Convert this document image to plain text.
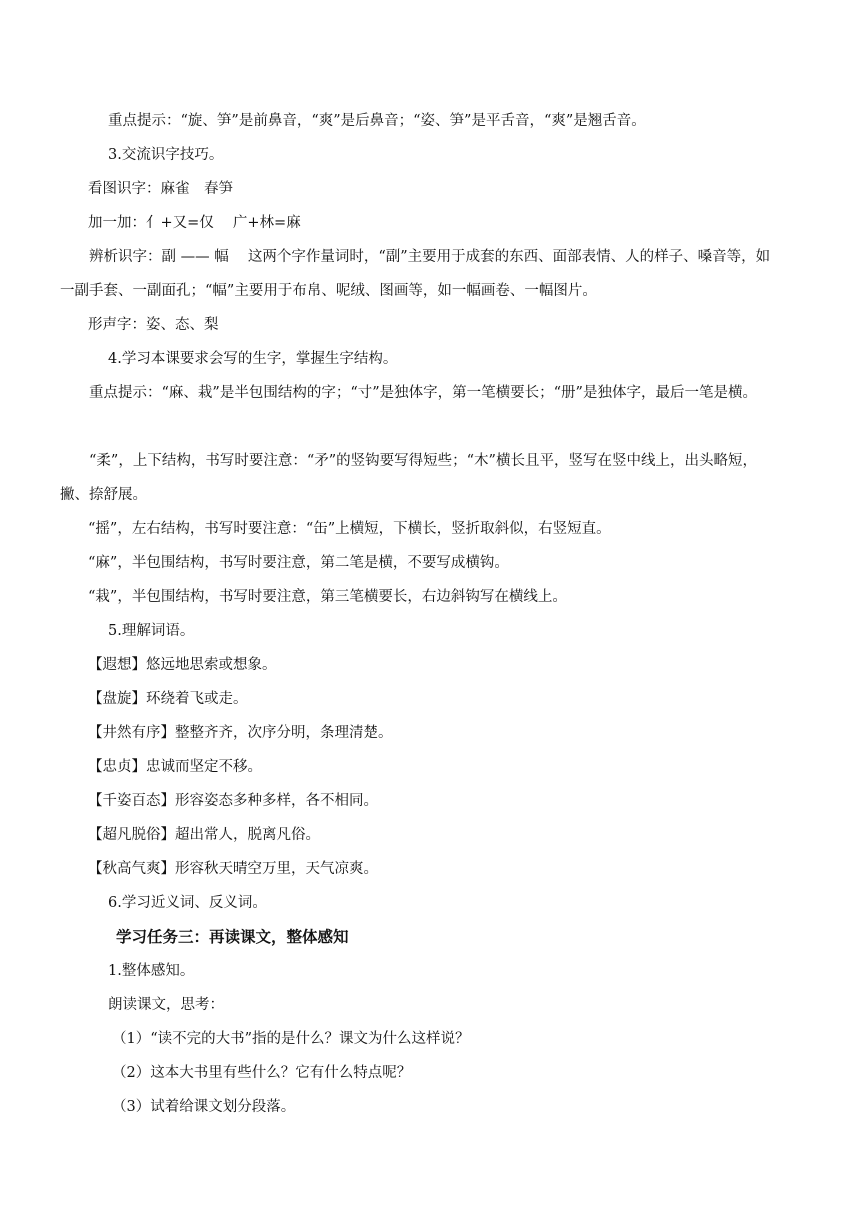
重点提示：“旋、笋”是前鼻音，“爽”是后鼻音；“姿、笋”是平舌音，“爽”是翘舌音。
3.交流识字技巧。
看图识字：麻雀　春笋
加一加：亻+又=仅　 广+林=麻
辨析识字：副 —— 幅　 这两个字作量词时，“副”主要用于成套的东西、面部表情、人的样子、嗓音等，如一副手套、一副面孔；“幅”主要用于布帛、呢绒、图画等，如一幅画卷、一幅图片。
形声字：姿、态、梨
4.学习本课要求会写的生字，掌握生字结构。
重点提示：“麻、栽”是半包围结构的字；“寸”是独体字，第一笔横要长；“册”是独体字，最后一笔是横。
“柔”，上下结构，书写时要注意：“矛”的竖钩要写得短些；“木”横长且平，竖写在竖中线上，出头略短，撇、捺舒展。
“摇”，左右结构，书写时要注意：“缶”上横短，下横长，竖折取斜似，右竖短直。
“麻”，半包围结构，书写时要注意，第二笔是横，不要写成横钩。
“栽”，半包围结构，书写时要注意，第三笔横要长，右边斜钩写在横线上。
5.理解词语。
【遐想】悠远地思索或想象。
【盘旋】环绕着飞或走。
【井然有序】整整齐齐，次序分明，条理清楚。
【忠贞】忠诚而坚定不移。
【千姿百态】形容姿态多种多样，各不相同。
【超凡脱俗】超出常人，脱离凡俗。
【秋高气爽】形容秋天晴空万里，天气凉爽。
6.学习近义词、反义词。
学习任务三：再读课文，整体感知
1.整体感知。
朗读课文，思考：
（1）“读不完的大书”指的是什么？课文为什么这样说？
（2）这本大书里有些什么？它有什么特点呢？
（3）试着给课文划分段落。
